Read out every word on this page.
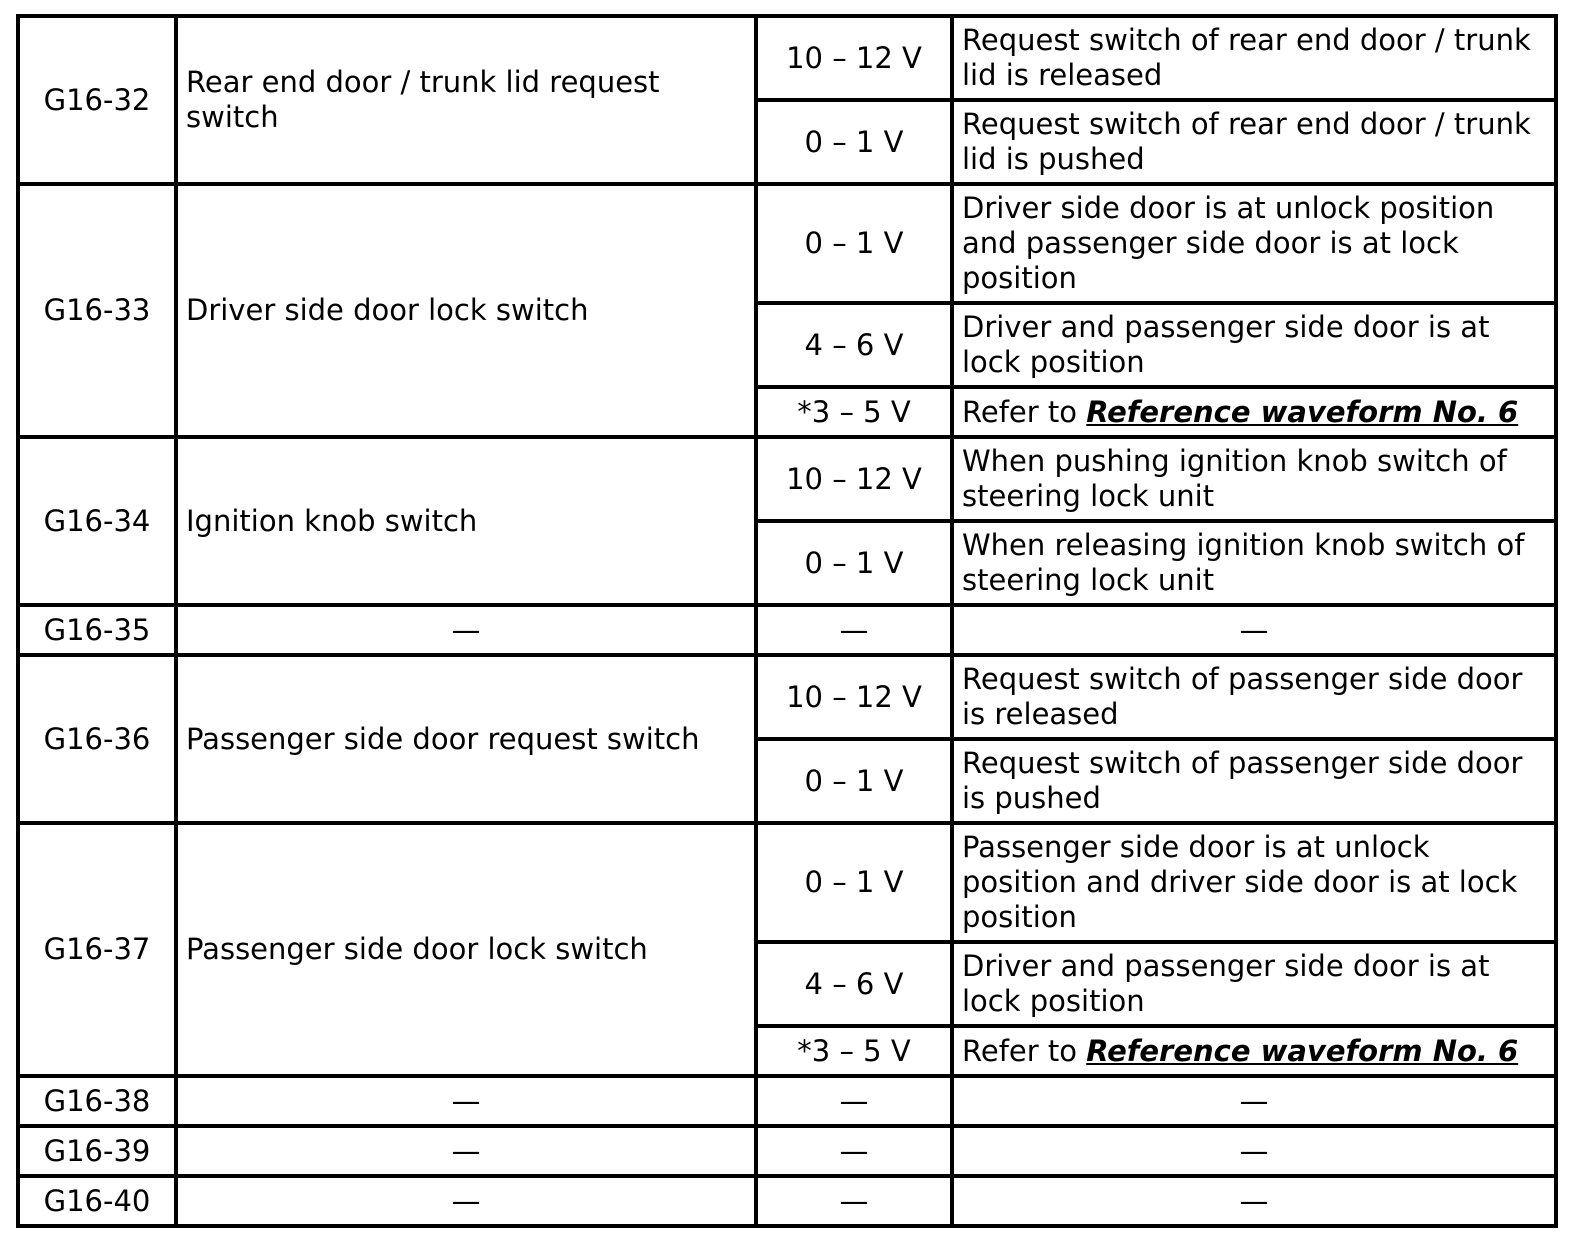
G16-32	Rear end door / trunk lid request switch	10 – 12 V	Request switch of rear end door / trunk
lid is released
		0 – 1 V	Request switch of rear end door / trunk
lid is pushed
G16-33	Driver side door lock switch	0 – 1 V	Driver side door is at unlock position
and passenger side door is at lock
position
		4 – 6 V	Driver and passenger side door is at
lock position
		*3 – 5 V	Refer to Reference waveform No. 6
G16-34	Ignition knob switch	10 – 12 V	When pushing ignition knob switch of
steering lock unit
		0 – 1 V	When releasing ignition knob switch of
steering lock unit
G16-35	—	—	—
G16-36	Passenger side door request switch	10 – 12 V	Request switch of passenger side door
is released
		0 – 1 V	Request switch of passenger side door
is pushed
G16-37	Passenger side door lock switch	0 – 1 V	Passenger side door is at unlock
position and driver side door is at lock
position
		4 – 6 V	Driver and passenger side door is at
lock position
		*3 – 5 V	Refer to Reference waveform No. 6
G16-38	—	—	—
G16-39	—	—	—
G16-40	—	—	—
